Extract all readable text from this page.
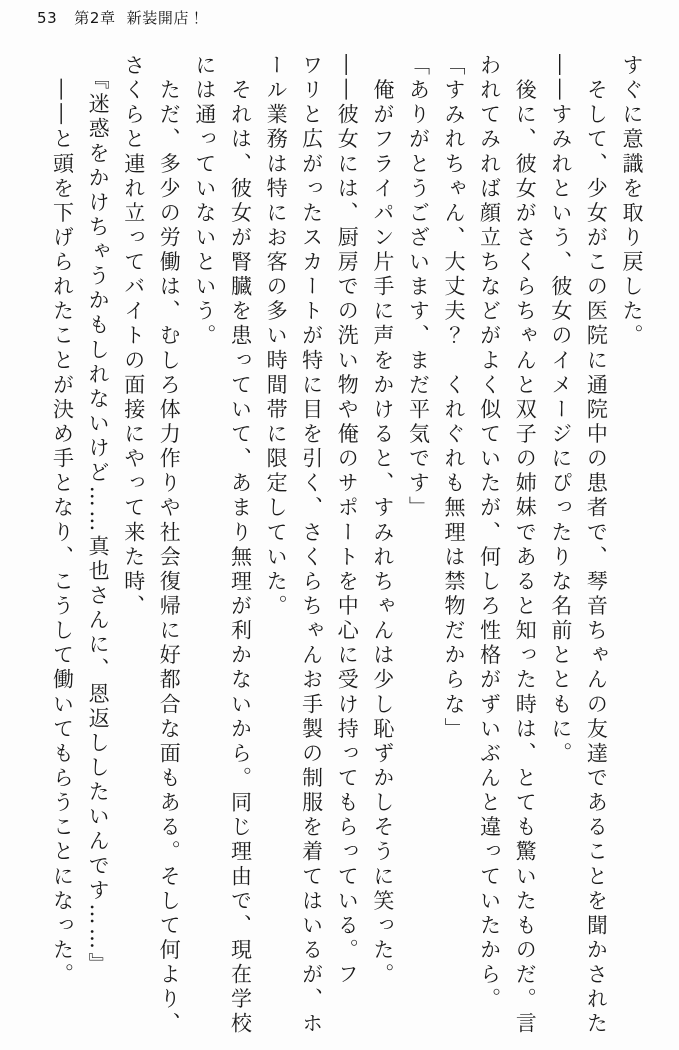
53 第2章 新装開店！

すぐに意識を取り戻した。

　そして、少女がこの医院に通院中の患者で、琴音ちゃんの友達であることを聞かされた

――すみれという、彼女のイメージにぴったりな名前とともに。

　後に、彼女がさくらちゃんと双子の姉妹であると知った時は、とても驚いたものだ。言

われてみれば顔立ちなどがよく似ていたが、何しろ性格がずいぶんと違っていたから。

「すみれちゃん、大丈夫？　くれぐれも無理は禁物だからな」

「ありがとうございます、まだ平気です」

　俺がフライパン片手に声をかけると、すみれちゃんは少し恥ずかしそうに笑った。

――彼女には、厨房での洗い物や俺のサポートを中心に受け持ってもらっている。フ

ワリと広がったスカートが特に目を引く、さくらちゃんお手製の制服を着てはいるが、ホ

ール業務は特にお客の多い時間帯に限定していた。

　それは、彼女が腎臓を患っていて、あまり無理が利かないから。同じ理由で、現在学校

には通っていないという。

　ただ、多少の労働は、むしろ体力作りや社会復帰に好都合な面もある。そして何より、

さくらと連れ立ってバイトの面接にやって来た時、

　『迷惑をかけちゃうかもしれないけど……真也さんに、恩返ししたいんです……』

　――と頭を下げられたことが決め手となり、こうして働いてもらうことになった。
